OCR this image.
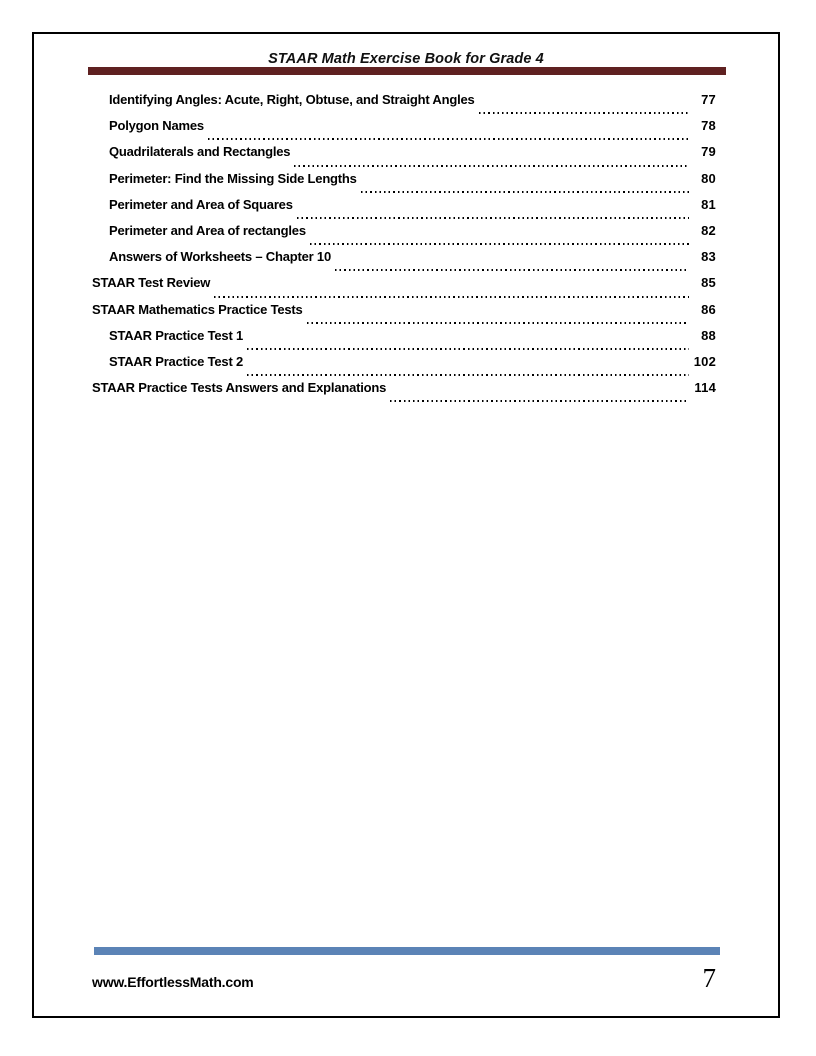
STAAR Math Exercise Book for Grade 4
Identifying Angles: Acute, Right, Obtuse, and Straight Angles	77
Polygon Names	78
Quadrilaterals and Rectangles	79
Perimeter: Find the Missing Side Lengths	80
Perimeter and Area of Squares	81
Perimeter and Area of rectangles	82
Answers of Worksheets – Chapter 10	83
STAAR Test Review	85
STAAR Mathematics Practice Tests	86
STAAR Practice Test 1	88
STAAR Practice Test 2	102
STAAR Practice Tests Answers and Explanations	114
www.EffortlessMath.com	7
